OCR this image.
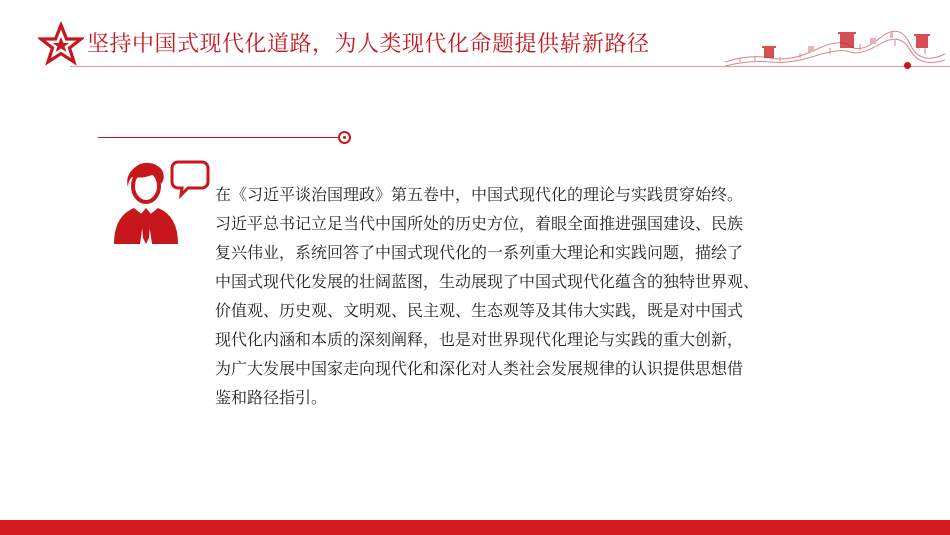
坚持中国式现代化道路，为人类现代化命题提供崭新路径
在《习近平谈治国理政》第五卷中，中国式现代化的理论与实践贯穿始终。
习近平总书记立足当代中国所处的历史方位，着眼全面推进强国建设、民族
复兴伟业，系统回答了中国式现代化的一系列重大理论和实践问题，描绘了
中国式现代化发展的壮阔蓝图，生动展现了中国式现代化蕴含的独特世界观、
价值观、历史观、文明观、民主观、生态观等及其伟大实践，既是对中国式
现代化内涵和本质的深刻阐释，也是对世界现代化理论与实践的重大创新，
为广大发展中国家走向现代化和深化对人类社会发展规律的认识提供思想借
鉴和路径指引。
